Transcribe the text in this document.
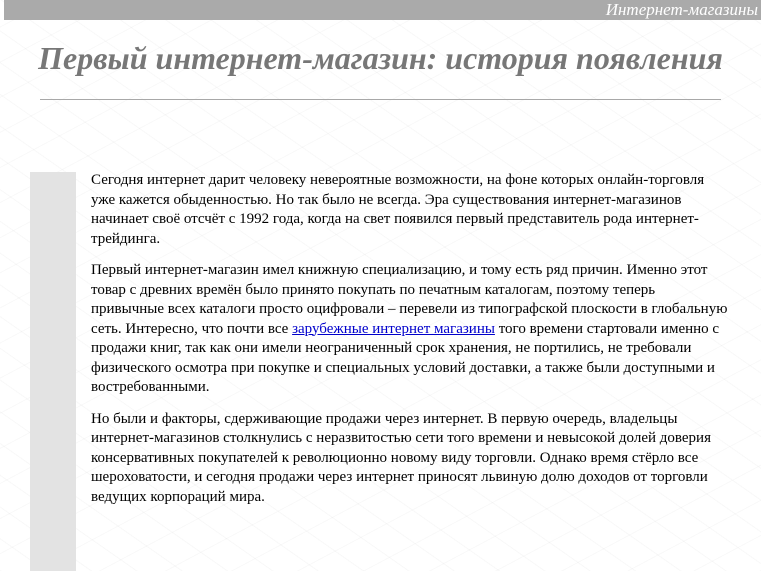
Интернет-магазины
Первый интернет-магазин: история появления

Сегодня интернет дарит человеку невероятные возможности, на фоне которых онлайн-торговля уже кажется обыденностью. Но так было не всегда. Эра существования интернет-магазинов начинает своё отсчёт с 1992 года, когда на свет появился первый представитель рода интернет-трейдинга.

Первый интернет-магазин имел книжную специализацию, и тому есть ряд причин. Именно этот товар с древних времён было принято покупать по печатным каталогам, поэтому теперь привычные всех каталоги просто оцифровали – перевели из типографской плоскости в глобальную сеть. Интересно, что почти все зарубежные интернет магазины того времени стартовали именно с продажи книг, так как они имели неограниченный срок хранения, не портились, не требовали физического осмотра при покупке и специальных условий доставки, а также были доступными и востребованными.

Но были и факторы, сдерживающие продажи через интернет. В первую очередь, владельцы интернет-магазинов столкнулись с неразвитостью сети того времени и невысокой долей доверия консервативных покупателей к революционно новому виду торговли. Однако время стёрло все шероховатости, и сегодня продажи через интернет приносят львиную долю доходов от торговли ведущих корпораций мира.
